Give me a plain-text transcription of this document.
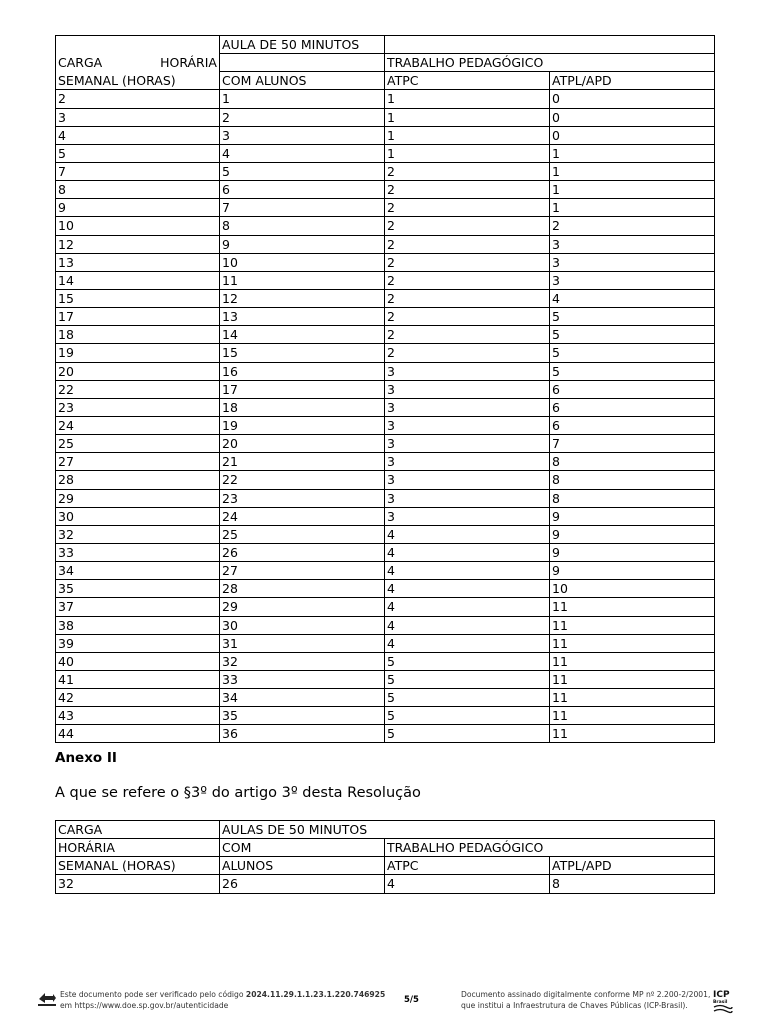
	AULA DE 50 MINUTOS		

CARGA HORÁRIA		TRABALHO PEDAGÓGICO	
SEMANAL (HORAS)	COM ALUNOS	ATPC	ATPL/APD
2	1	1	0
3	2	1	0
4	3	1	0
5	4	1	1
7	5	2	1
8	6	2	1
9	7	2	1
10	8	2	2
12	9	2	3
13	10	2	3
14	11	2	3
15	12	2	4
17	13	2	5
18	14	2	5
19	15	2	5
20	16	3	5
22	17	3	6
23	18	3	6
24	19	3	6
25	20	3	7
27	21	3	8
28	22	3	8
29	23	3	8
30	24	3	9
32	25	4	9
33	26	4	9
34	27	4	9
35	28	4	10
37	29	4	11
38	30	4	11
39	31	4	11
40	32	5	11
41	33	5	11
42	34	5	11
43	35	5	11
44	36	5	11
Anexo II
A que se refere o §3º do artigo 3º desta Resolução
CARGA	AULAS DE 50 MINUTOS		
HORÁRIA	COM	TRABALHO PEDAGÓGICO	
SEMANAL (HORAS)	ALUNOS	ATPC	ATPL/APD
32	26	4	8
Este documento pode ser verificado pelo código 2024.11.29.1.1.23.1.220.746925
em https://www.doe.sp.gov.br/autenticidade	5/5
Documento assinado digitalmente conforme MP nº 2.200-2/2001,
que institui a Infraestrutura de Chaves Públicas (ICP-Brasil).
ICP
Brasil
